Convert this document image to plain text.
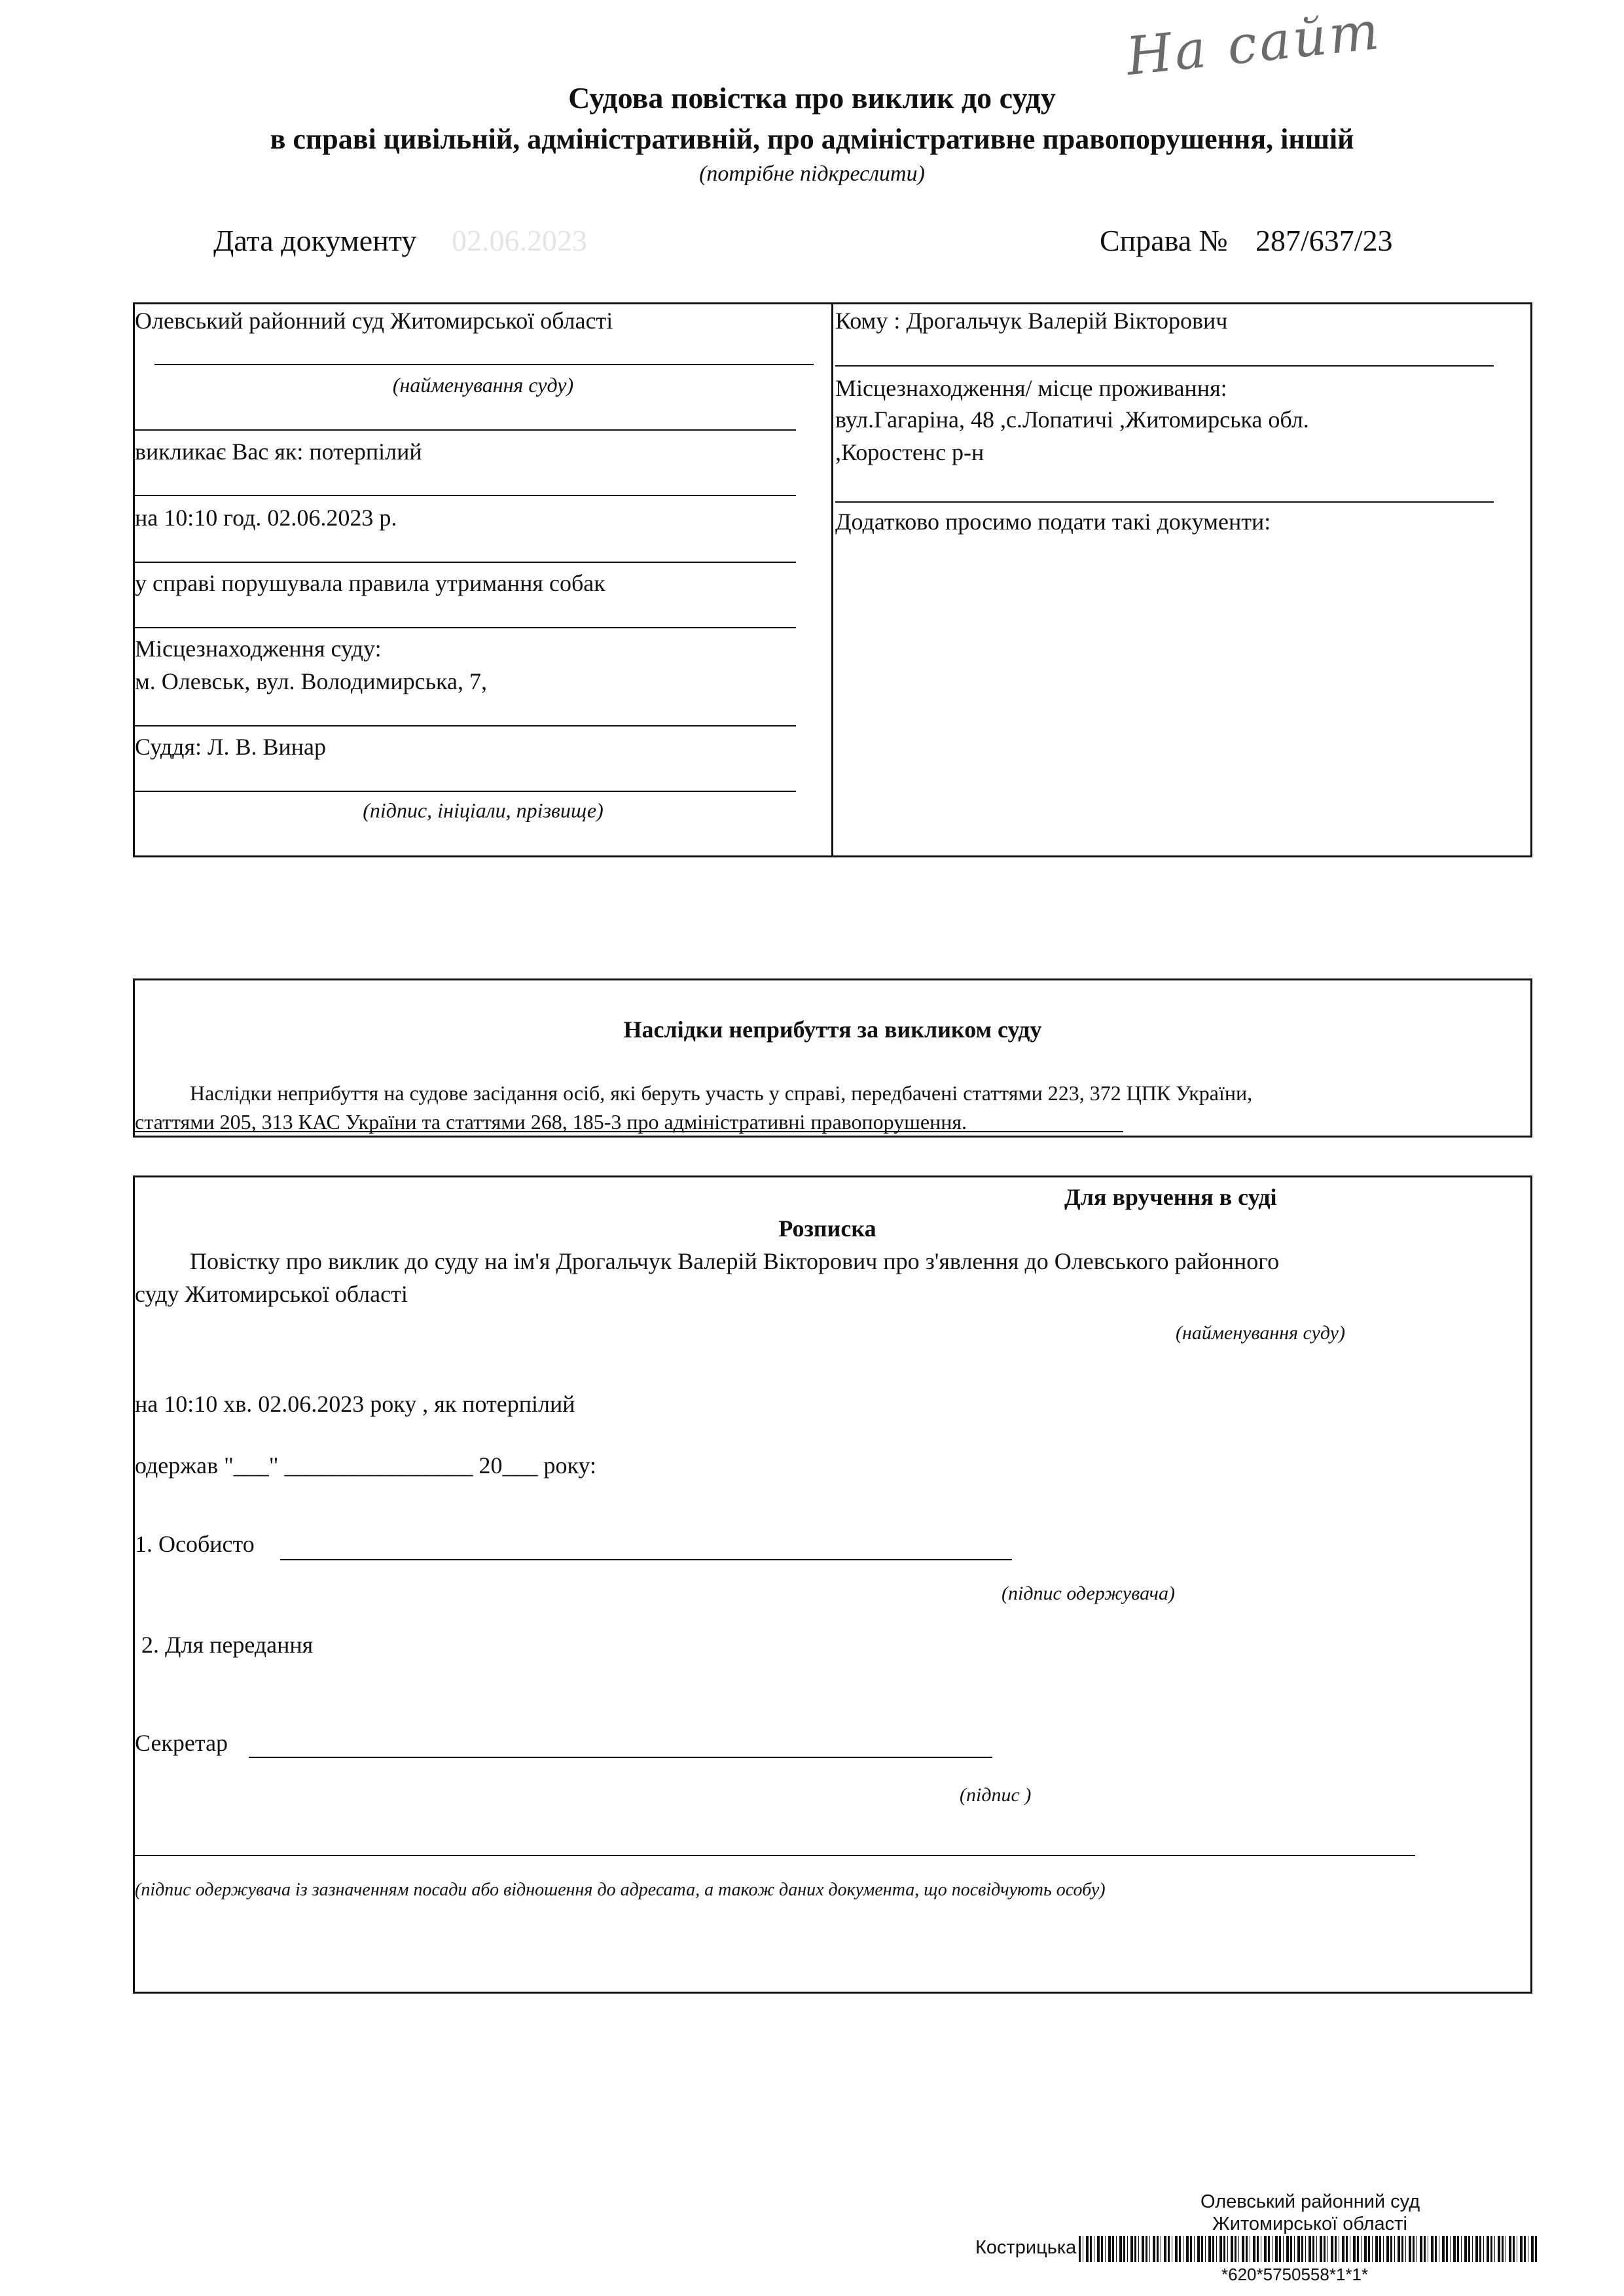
На сайт
Судова повістка про виклик до суду
в справі цивільній, адміністративній, про адміністративне правопорушення, іншій
(потрібне підкреслити)
Дата документу 02.06.2023	Справа № 287/637/23
Олевський районний суд Житомирської області
(найменування суду)
викликає Вас як: потерпілий
на 10:10 год. 02.06.2023 р.
у справі порушувала правила утримання собак
Місцезнаходження суду:
м. Олевськ, вул. Володимирська, 7,
Суддя: Л. В. Винар
(підпис, ініціали, прізвище)
Кому : Дрогальчук Валерій Вікторович
Місцезнаходження/ місце проживання:
вул.Гагаріна, 48 ,с.Лопатичі ,Житомирська обл.
,Коростенс р-н
Додатково просимо подати такі документи:
Наслідки неприбуття за викликом суду
Наслідки неприбуття на судове засідання осіб, які беруть участь у справі, передбачені статтями 223, 372 ЦПК України,
статтями 205, 313 КАС України та статтями 268, 185-3 про адміністративні правопорушення.
Для вручення в суді
Розписка
Повістку про виклик до суду на ім'я Дрогальчук Валерій Вікторович про з'явлення до Олевського районного
суду Житомирської області
(найменування суду)
на 10:10 хв. 02.06.2023 року , як потерпілий
одержав "___" ________________ 20___ року:
1. Особисто
(підпис одержувача)
2. Для передання
Секретар
(підпис )
(підпис одержувача із зазначенням посади або відношення до адресата, а також даних документа, що посвідчують особу)
Олевський районний суд
Житомирської області
Кострицька
*620*5750558*1*1*
